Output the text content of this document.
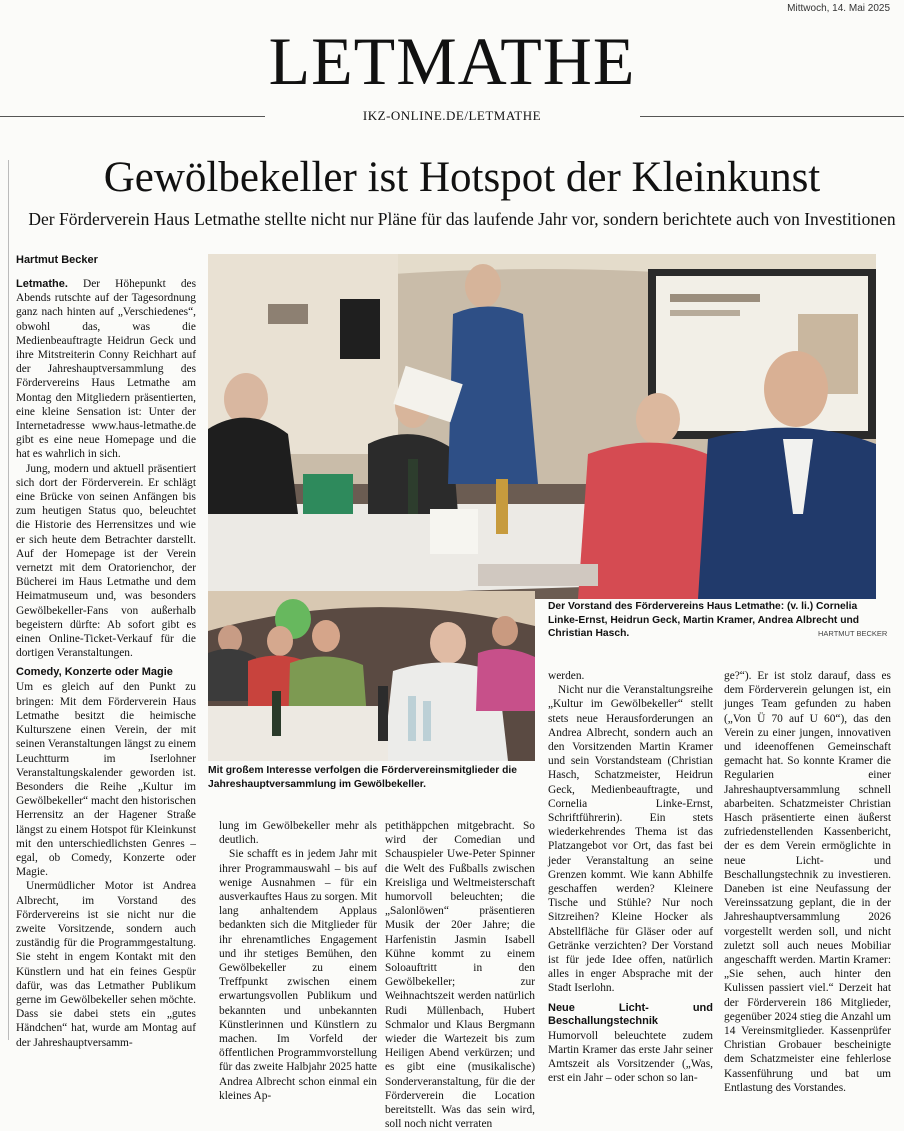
Mittwoch, 14. Mai 2025
LETMATHE
IKZ-ONLINE.DE/LETMATHE
Gewölbekeller ist Hotspot der Kleinkunst
Der Förderverein Haus Letmathe stellte nicht nur Pläne für das laufende Jahr vor, sondern berichtete auch von Investitionen
Hartmut Becker

Letmathe. Der Höhepunkt des Abends rutschte auf der Tagesordnung ganz nach hinten auf „Verschiedenes“, obwohl das, was die Medienbeauftragte Heidrun Geck und ihre Mitstreiterin Conny Reichhart auf der Jahreshauptversammlung des Fördervereins Haus Letmathe am Montag den Mitgliedern präsentierten, eine kleine Sensation ist: Unter der Internetadresse www.haus-letmathe.de gibt es eine neue Homepage und die hat es wahrlich in sich.

Jung, modern und aktuell präsentiert sich dort der Förderverein. Er schlägt eine Brücke von seinen Anfängen bis zum heutigen Status quo, beleuchtet die Historie des Herrensitzes und wie er sich heute dem Betrachter darstellt. Auf der Homepage ist der Verein vernetzt mit dem Oratorienchor, der Bücherei im Haus Letmathe und dem Heimatmuseum und, was besonders Gewölbekeller-Fans von außerhalb begeistern dürfte: Ab sofort gibt es einen Online-Ticket-Verkauf für die dortigen Veranstaltungen.

Comedy, Konzerte oder Magie

Um es gleich auf den Punkt zu bringen: Mit dem Förderverein Haus Letmathe besitzt die heimische Kulturszene einen Verein, der mit seinen Veranstaltungen längst zu einem Leuchtturm im Iserlohner Veranstaltungskalender geworden ist. Besonders die Reihe „Kultur im Gewölbekeller“ macht den historischen Herrensitz an der Hagener Straße längst zu einem Hotspot für Kleinkunst mit den unterschiedlichsten Genres – egal, ob Comedy, Konzerte oder Magie.

Unermüdlicher Motor ist Andrea Albrecht, im Vorstand des Fördervereins ist sie nicht nur die zweite Vorsitzende, sondern auch zuständig für die Programmgestaltung. Sie steht in engem Kontakt mit den Künstlern und hat ein feines Gespür dafür, was das Letmather Publikum gerne im Gewölbekeller sehen möchte. Dass sie dabei stets ein „gutes Händchen“ hat, wurde am Montag auf der Jahreshauptversamm-

Der Vorstand des Fördervereins Haus Letmathe: (v. li.) Cornelia Linke-Ernst, Heidrun Geck, Martin Kramer, Andrea Albrecht und Christian Hasch.	HARTMUT BECKER
Mit großem Interesse verfolgen die Fördervereinsmitglieder die Jahreshauptversammlung im Gewölbekeller.

lung im Gewölbekeller mehr als deutlich.

Sie schafft es in jedem Jahr mit ihrer Programmauswahl – bis auf wenige Ausnahmen – für ein ausverkauftes Haus zu sorgen. Mit lang anhaltendem Applaus bedankten sich die Mitglieder für ihr ehrenamtliches Engagement und ihr stetiges Bemühen, den Gewölbekeller zu einem Treffpunkt zwischen einem erwartungsvollen Publikum und bekannten und unbekannten Künstlerinnen und Künstlern zu machen. Im Vorfeld der öffentlichen Programmvorstellung für das zweite Halbjahr 2025 hatte Andrea Albrecht schon einmal ein kleines Ap-

petithäppchen mitgebracht. So wird der Comedian und Schauspieler Uwe-Peter Spinner die Welt des Fußballs zwischen Kreisliga und Weltmeisterschaft humorvoll beleuchten; die „Salonlöwen“ präsentieren Musik der 20er Jahre; die Harfenistin Jasmin Isabell Kühne kommt zu einem Soloauftritt in den Gewölbekeller; zur Weihnachtszeit werden natürlich Rudi Müllenbach, Hubert Schmalor und Klaus Bergmann wieder die Wartezeit bis zum Heiligen Abend verkürzen; und es gibt eine (musikalische) Sonderveranstaltung, für die der Förderverein die Location bereitstellt. Was das sein wird, soll noch nicht verraten

werden.

Nicht nur die Veranstaltungsreihe „Kultur im Gewölbekeller“ stellt stets neue Herausforderungen an Andrea Albrecht, sondern auch an den Vorsitzenden Martin Kramer und sein Vorstandsteam (Christian Hasch, Schatzmeister, Heidrun Geck, Medienbeauftragte, und Cornelia Linke-Ernst, Schriftführerin). Ein stets wiederkehrendes Thema ist das Platzangebot vor Ort, das fast bei jeder Veranstaltung an seine Grenzen kommt. Wie kann Abhilfe geschaffen werden? Kleinere Tische und Stühle? Nur noch Sitzreihen? Kleine Hocker als Abstellfläche für Gläser oder auf Getränke verzichten? Der Vorstand ist für jede Idee offen, natürlich alles in enger Absprache mit der Stadt Iserlohn.

Neue Licht- und Beschallungstechnik

Humorvoll beleuchtete zudem Martin Kramer das erste Jahr seiner Amtszeit als Vorsitzender („Was, erst ein Jahr – oder schon so lan-

ge?“). Er ist stolz darauf, dass es dem Förderverein gelungen ist, ein junges Team gefunden zu haben („Von Ü 70 auf U 60“), das den Verein zu einer jungen, innovativen und ideenoffenen Gemeinschaft gemacht hat. So konnte Kramer die Regularien einer Jahreshauptversammlung schnell abarbeiten. Schatzmeister Christian Hasch präsentierte einen äußerst zufriedenstellenden Kassenbericht, der es dem Verein ermöglichte in neue Licht- und Beschallungstechnik zu investieren. Daneben ist eine Neufassung der Vereinssatzung geplant, die in der Jahreshauptversammlung 2026 vorgestellt werden soll, und nicht zuletzt soll auch neues Mobiliar angeschafft werden. Martin Kramer: „Sie sehen, auch hinter den Kulissen passiert viel.“ Derzeit hat der Förderverein 186 Mitglieder, gegenüber 2024 stieg die Anzahl um 14 Vereinsmitglieder. Kassenprüfer Christian Grobauer bescheinigte dem Schatzmeister eine fehlerlose Kassenführung und bat um Entlastung des Vorstandes.
